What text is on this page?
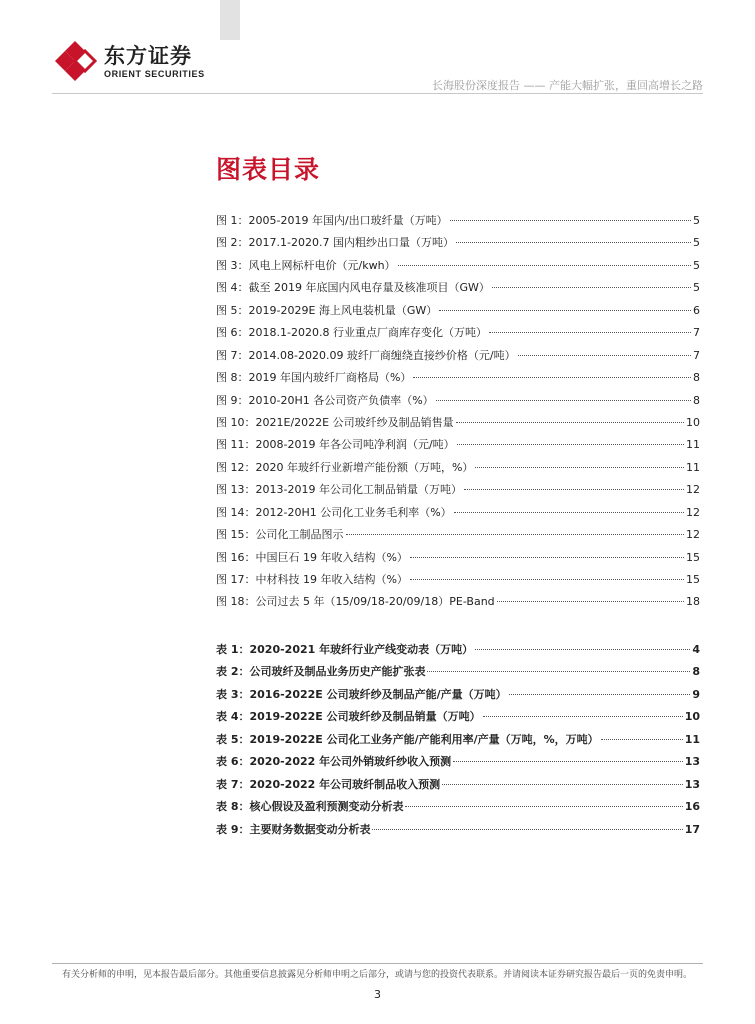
东方证券
ORIENT SECURITIES
长海股份深度报告 —— 产能大幅扩张，重回高增长之路
图表目录
图 1：2005-2019 年国内/出口玻纤量（万吨）	5
图 2：2017.1-2020.7 国内粗纱出口量（万吨）	5
图 3：风电上网标杆电价（元/kwh）	5
图 4：截至 2019 年底国内风电存量及核准项目（GW）	5
图 5：2019-2029E 海上风电装机量（GW）	6
图 6：2018.1-2020.8 行业重点厂商库存变化（万吨）	7
图 7：2014.08-2020.09 玻纤厂商缠绕直接纱价格（元/吨）	7
图 8：2019 年国内玻纤厂商格局（%）	8
图 9：2010-20H1 各公司资产负债率（%）	8
图 10：2021E/2022E 公司玻纤纱及制品销售量	10
图 11：2008-2019 年各公司吨净利润（元/吨）	11
图 12：2020 年玻纤行业新增产能份额（万吨，%）	11
图 13：2013-2019 年公司化工制品销量（万吨）	12
图 14：2012-20H1 公司化工业务毛利率（%）	12
图 15：公司化工制品图示	12
图 16：中国巨石 19 年收入结构（%）	15
图 17：中材科技 19 年收入结构（%）	15
图 18：公司过去 5 年（15/09/18-20/09/18）PE-Band	18
表 1：2020-2021 年玻纤行业产线变动表（万吨）	4
表 2：公司玻纤及制品业务历史产能扩张表	8
表 3：2016-2022E 公司玻纤纱及制品产能/产量（万吨）	9
表 4：2019-2022E 公司玻纤纱及制品销量（万吨）	10
表 5：2019-2022E 公司化工业务产能/产能利用率/产量（万吨，%，万吨）	11
表 6：2020-2022 年公司外销玻纤纱收入预测	13
表 7：2020-2022 年公司玻纤制品收入预测	13
表 8：核心假设及盈利预测变动分析表	16
表 9：主要财务数据变动分析表	17
有关分析师的申明，见本报告最后部分。其他重要信息披露见分析师申明之后部分，或请与您的投资代表联系。并请阅读本证券研究报告最后一页的免责申明。
3
